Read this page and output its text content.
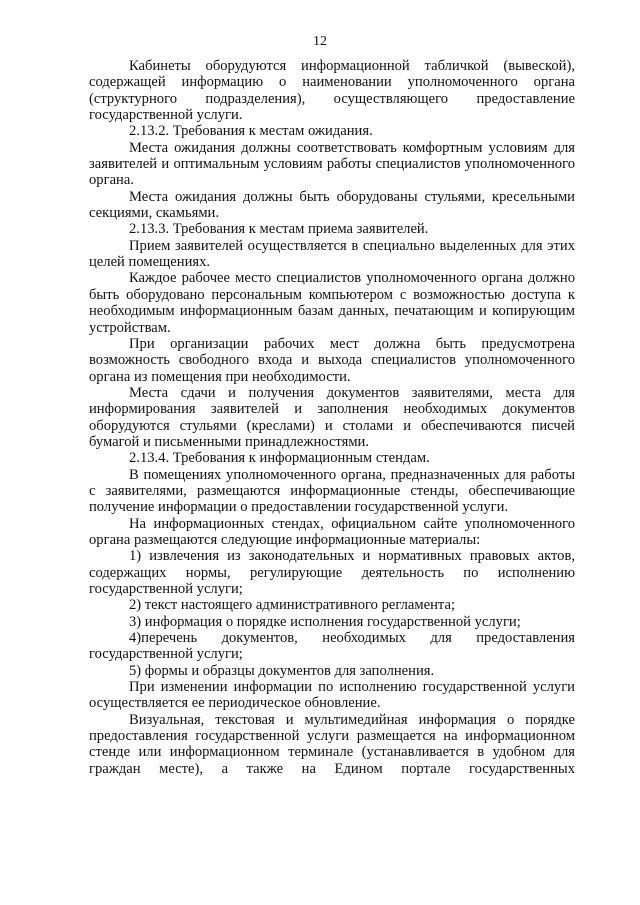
12

Кабинеты оборудуются информационной табличкой (вывеской), содержащей информацию о наименовании уполномоченного органа (структурного подразделения), осуществляющего предоставление государственной услуги.

2.13.2. Требования к местам ожидания.

Места ожидания должны соответствовать комфортным условиям для заявителей и оптимальным условиям работы специалистов уполномоченного органа.

Места ожидания должны быть оборудованы стульями, кресельными секциями, скамьями.

2.13.3. Требования к местам приема заявителей.

Прием заявителей осуществляется в специально выделенных для этих целей помещениях.

Каждое рабочее место специалистов уполномоченного органа должно быть оборудовано персональным компьютером с возможностью доступа к необходимым информационным базам данных, печатающим и копирующим устройствам.

При организации рабочих мест должна быть предусмотрена возможность свободного входа и выхода специалистов уполномоченного органа из помещения при необходимости.

Места сдачи и получения документов заявителями, места для информирования заявителей и заполнения необходимых документов оборудуются стульями (креслами) и столами и обеспечиваются писчей бумагой и письменными принадлежностями.

2.13.4. Требования к информационным стендам.

В помещениях уполномоченного органа, предназначенных для работы с заявителями, размещаются информационные стенды, обеспечивающие получение информации о предоставлении государственной услуги.

На информационных стендах, официальном сайте уполномоченного органа размещаются следующие информационные материалы:

1) извлечения из законодательных и нормативных правовых актов, содержащих нормы, регулирующие деятельность по исполнению государственной услуги;

2) текст настоящего административного регламента;

3) информация о порядке исполнения государственной услуги;

4)перечень документов, необходимых для предоставления государственной услуги;

5) формы и образцы документов для заполнения.

При изменении информации по исполнению государственной услуги осуществляется ее периодическое обновление.

Визуальная, текстовая и мультимедийная информация о порядке предоставления государственной услуги размещается на информационном стенде или информационном терминале (устанавливается в удобном для граждан месте), а также на Едином портале государственных
